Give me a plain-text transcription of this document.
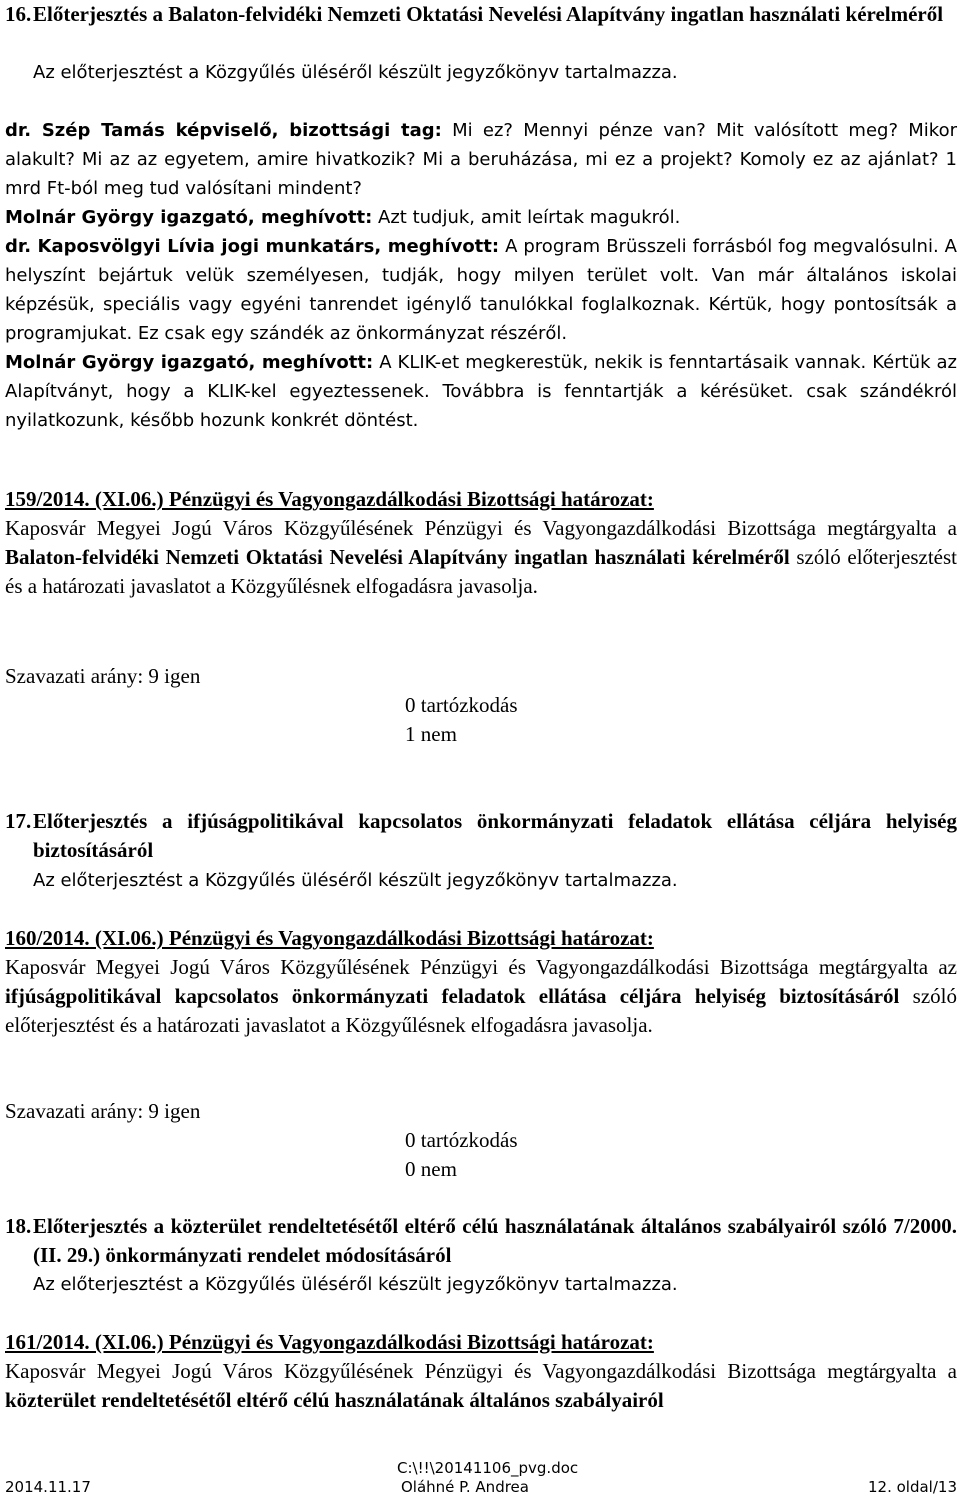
16. Előterjesztés a Balaton-felvidéki Nemzeti Oktatási Nevelési Alapítvány ingatlan használati kérelméről
Az előterjesztést a Közgyűlés üléséről készült jegyzőkönyv tartalmazza.
dr. Szép Tamás képviselő, bizottsági tag: Mi ez? Mennyi pénze van? Mit valósított meg? Mikor alakult? Mi az az egyetem, amire hivatkozik? Mi a beruházása, mi ez a projekt? Komoly ez az ajánlat? 1 mrd Ft-ból meg tud valósítani mindent?
Molnár György igazgató, meghívott: Azt tudjuk, amit leírtak magukról.
dr. Kaposvölgyi Lívia jogi munkatárs, meghívott: A program Brüsszeli forrásból fog megvalósulni. A helyszínt bejártuk velük személyesen, tudják, hogy milyen terület volt. Van már általános iskolai képzésük, speciális vagy egyéni tanrendet igénylő tanulókkal foglalkoznak. Kértük, hogy pontosítsák a programjukat. Ez csak egy szándék az önkormányzat részéről.
Molnár György igazgató, meghívott: A KLIK-et megkerestük, nekik is fenntartásaik vannak. Kértük az Alapítványt, hogy a KLIK-kel egyeztessenek. Továbbra is fenntartják a kérésüket. csak szándékról nyilatkozunk, később hozunk konkrét döntést.
159/2014. (XI.06.) Pénzügyi és Vagyongazdálkodási Bizottsági határozat:
Kaposvár Megyei Jogú Város Közgyűlésének Pénzügyi és Vagyongazdálkodási Bizottsága megtárgyalta a Balaton-felvidéki Nemzeti Oktatási Nevelési Alapítvány ingatlan használati kérelméről szóló előterjesztést és a határozati javaslatot a Közgyűlésnek elfogadásra javasolja.
Szavazati arány: 9 igen
0 tartózkodás
1 nem
17. Előterjesztés a ifjúságpolitikával kapcsolatos önkormányzati feladatok ellátása céljára helyiség biztosításáról
Az előterjesztést a Közgyűlés üléséről készült jegyzőkönyv tartalmazza.
160/2014. (XI.06.) Pénzügyi és Vagyongazdálkodási Bizottsági határozat:
Kaposvár Megyei Jogú Város Közgyűlésének Pénzügyi és Vagyongazdálkodási Bizottsága megtárgyalta az ifjúságpolitikával kapcsolatos önkormányzati feladatok ellátása céljára helyiség biztosításáról szóló előterjesztést és a határozati javaslatot a Közgyűlésnek elfogadásra javasolja.
Szavazati arány: 9 igen
0 tartózkodás
0 nem
18. Előterjesztés a közterület rendeltetésétől eltérő célú használatának általános szabályairól szóló 7/2000. (II. 29.) önkormányzati rendelet módosításáról
Az előterjesztést a Közgyűlés üléséről készült jegyzőkönyv tartalmazza.
161/2014. (XI.06.) Pénzügyi és Vagyongazdálkodási Bizottsági határozat:
Kaposvár Megyei Jogú Város Közgyűlésének Pénzügyi és Vagyongazdálkodási Bizottsága megtárgyalta a közterület rendeltetésétől eltérő célú használatának általános szabályairól
C:\!!\20141106_pvg.doc
2014.11.17	Oláhné P. Andrea	12. oldal/13
